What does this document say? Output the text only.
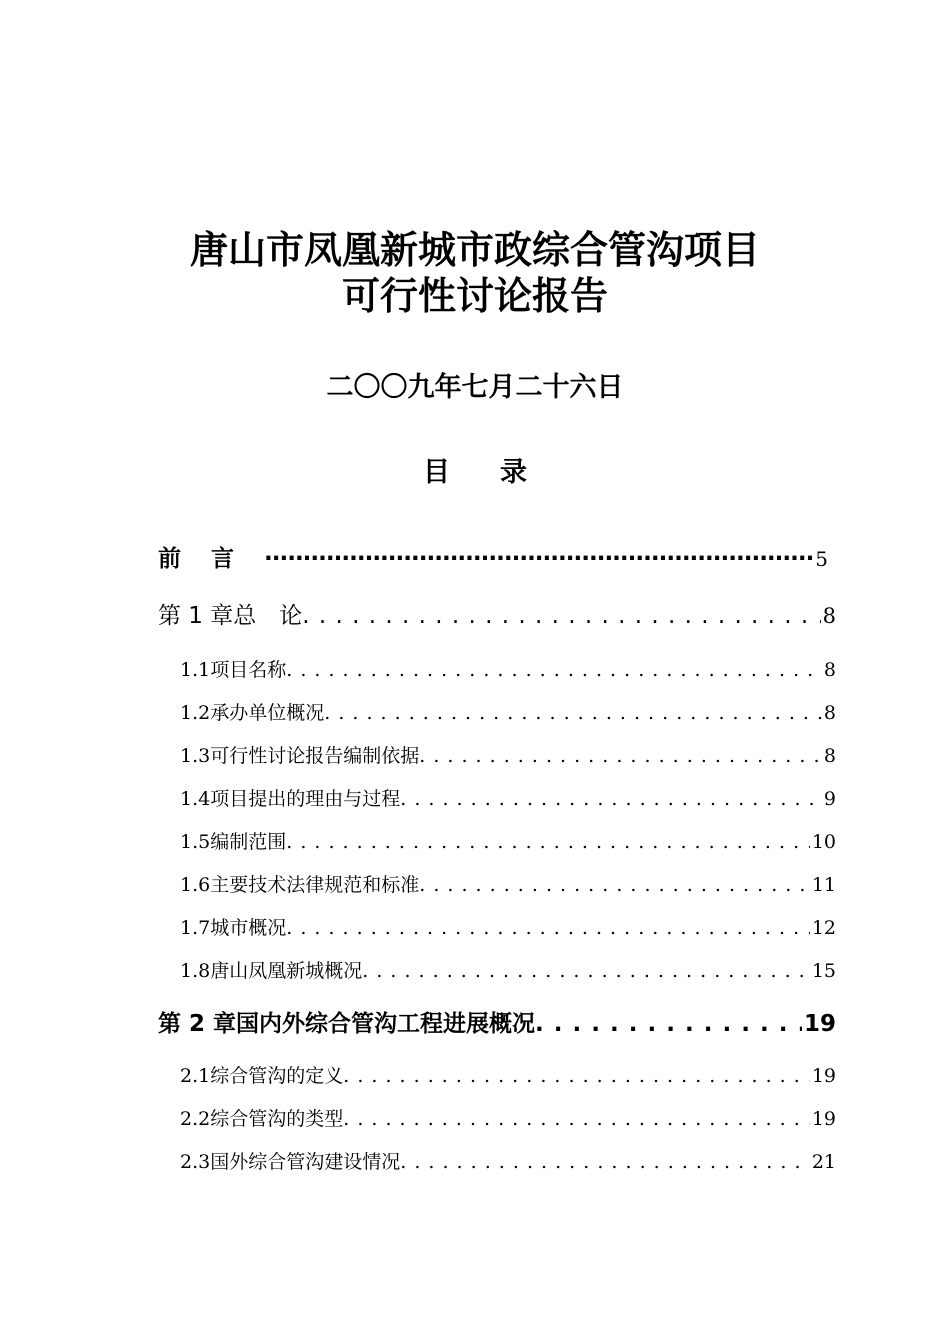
唐山市凤凰新城市政综合管沟项目
可行性讨论报告
二〇〇九年七月二十六日
目录
前言 ·····	5
第 1 章 总　论 . . .	8
1.1 项目名称 . . .	8
1.2 承办单位概况 . . .	8
1.3 可行性讨论报告编制依据 . . .	8
1.4 项目提出的理由与过程 . . .	9
1.5 编制范围 . . .	10
1.6 主要技术法律规范和标准 . . .	11
1.7 城市概况 . . .	12
1.8 唐山凤凰新城概况 . . .	15
第 2 章 国内外综合管沟工程进展概况 . . .	19
2.1 综合管沟的定义 . . .	19
2.2 综合管沟的类型 . . .	19
2.3 国外综合管沟建设情况 . . .	21
